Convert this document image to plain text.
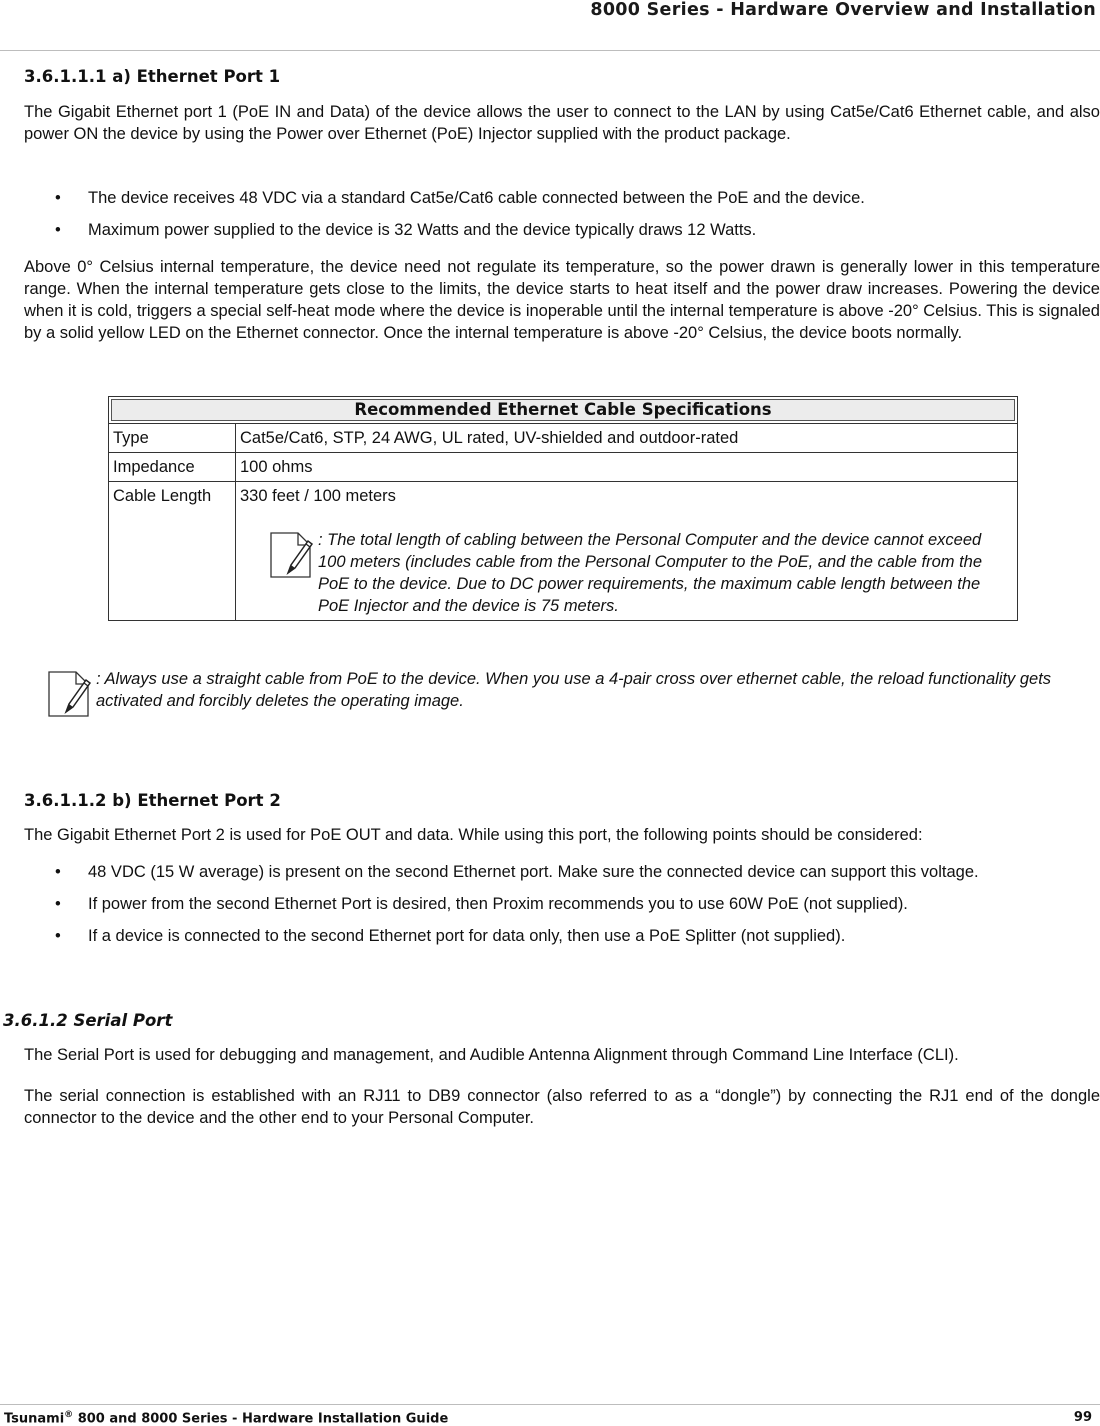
8000 Series - Hardware Overview and Installation
3.6.1.1.1 a) Ethernet Port 1

The Gigabit Ethernet port 1 (PoE IN and Data) of the device allows the user to connect to the LAN by using Cat5e/Cat6 Ethernet cable, and also power ON the device by using the Power over Ethernet (PoE) Injector supplied with the product package.

• The device receives 48 VDC via a standard Cat5e/Cat6 cable connected between the PoE and the device.
• Maximum power supplied to the device is 32 Watts and the device typically draws 12 Watts.

Above 0° Celsius internal temperature, the device need not regulate its temperature, so the power drawn is generally lower in this temperature range. When the internal temperature gets close to the limits, the device starts to heat itself and the power draw increases. Powering the device when it is cold, triggers a special self-heat mode where the device is inoperable until the internal temperature is above -20° Celsius. This is signaled by a solid yellow LED on the Ethernet connector. Once the internal temperature is above -20° Celsius, the device boots normally.

Recommended Ethernet Cable Specifications	
Type	Cat5e/Cat6, STP, 24 AWG, UL rated, UV-shielded and outdoor-rated
Impedance	100 ohms
Cable Length	330 feet / 100 meters
: The total length of cabling between the Personal Computer and the device cannot exceed 100 meters (includes cable from the Personal Computer to the PoE, and the cable from the PoE to the device. Due to DC power requirements, the maximum cable length between the PoE Injector and the device is 75 meters.
: Always use a straight cable from PoE to the device. When you use a 4-pair cross over ethernet cable, the reload functionality gets activated and forcibly deletes the operating image.
3.6.1.1.2 b) Ethernet Port 2

The Gigabit Ethernet Port 2 is used for PoE OUT and data. While using this port, the following points should be considered:

• 48 VDC (15 W average) is present on the second Ethernet port. Make sure the connected device can support this voltage.
• If power from the second Ethernet Port is desired, then Proxim recommends you to use 60W PoE (not supplied).
• If a device is connected to the second Ethernet port for data only, then use a PoE Splitter (not supplied).
3.6.1.2 Serial Port

The Serial Port is used for debugging and management, and Audible Antenna Alignment through Command Line Interface (CLI).

The serial connection is established with an RJ11 to DB9 connector (also referred to as a “dongle”) by connecting the RJ1 end of the dongle connector to the device and the other end to your Personal Computer.

Tsunami® 800 and 8000 Series - Hardware Installation Guide	99
